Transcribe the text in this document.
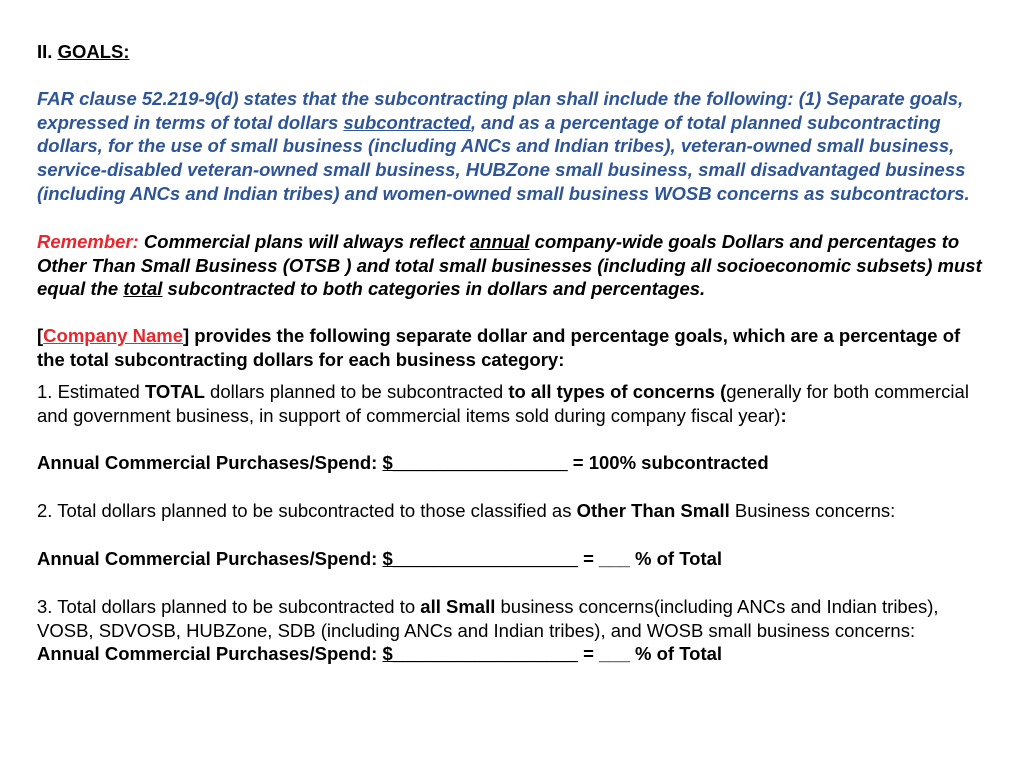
II. GOALS:

FAR clause 52.219-9(d) states that the subcontracting plan shall include the following: (1) Separate goals, expressed in terms of total dollars subcontracted, and as a percentage of total planned subcontracting dollars, for the use of small business (including ANCs and Indian tribes), veteran-owned small business, service-disabled veteran-owned small business, HUBZone small business, small disadvantaged business (including ANCs and Indian tribes) and women-owned small business WOSB concerns as subcontractors.

Remember: Commercial plans will always reflect annual company-wide goals Dollars and percentages to Other Than Small Business (OTSB ) and total small businesses (including all socioeconomic subsets) must equal the total subcontracted to both categories in dollars and percentages.

[Company Name] provides the following separate dollar and percentage goals, which are a percentage of the total subcontracting dollars for each business category:

1. Estimated TOTAL dollars planned to be subcontracted to all types of concerns (generally for both commercial and government business, in support of commercial items sold during company fiscal year):

Annual Commercial Purchases/Spend: $_________________ = 100% subcontracted

2. Total dollars planned to be subcontracted to those classified as Other Than Small Business concerns:

Annual Commercial Purchases/Spend: $__________________ = ___ % of Total

3. Total dollars planned to be subcontracted to all Small business concerns(including ANCs and Indian tribes), VOSB, SDVOSB, HUBZone, SDB (including ANCs and Indian tribes), and WOSB small business concerns:

Annual Commercial Purchases/Spend: $__________________ = ___ % of Total
